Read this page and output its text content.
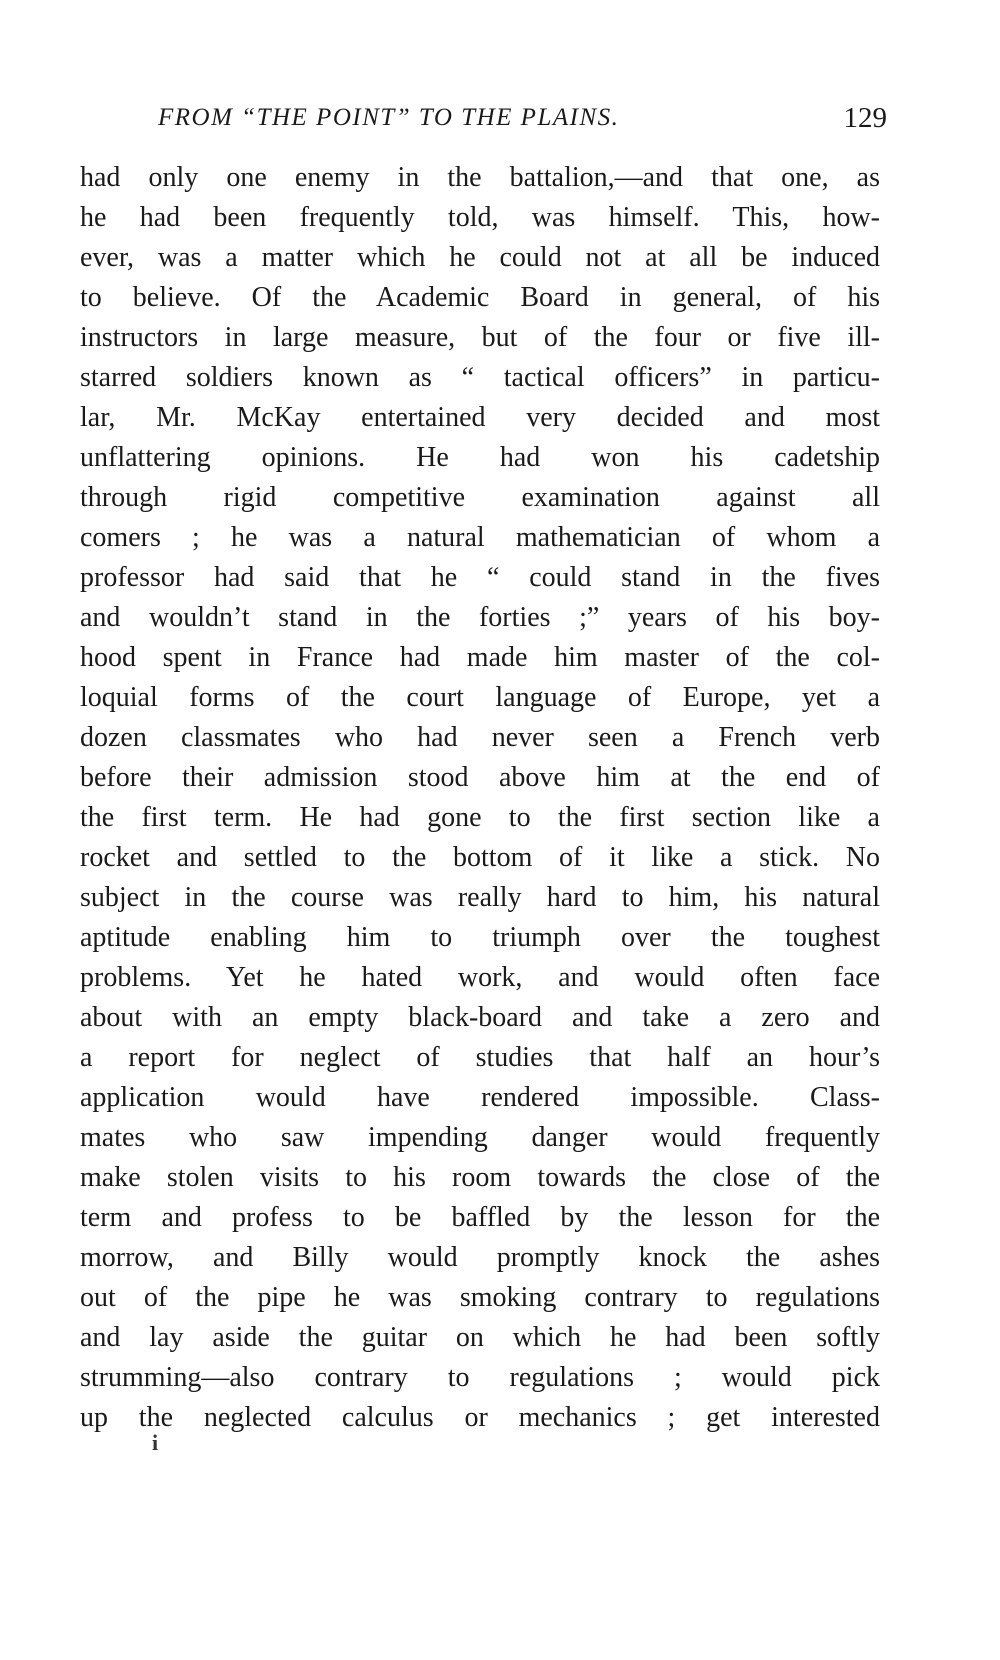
FROM “THE POINT” TO THE PLAINS.	129
had only one enemy in the battalion,—and that one, as
he had been frequently told, was himself. This, how-
ever, was a matter which he could not at all be induced
to believe. Of the Academic Board in general, of his
instructors in large measure, but of the four or five ill-
starred soldiers known as “ tactical officers” in particu-
lar, Mr. McKay entertained very decided and most
unflattering opinions. He had won his cadetship
through rigid competitive examination against all
comers ; he was a natural mathematician of whom a
professor had said that he “ could stand in the fives
and wouldn’t stand in the forties ;” years of his boy-
hood spent in France had made him master of the col-
loquial forms of the court language of Europe, yet a
dozen classmates who had never seen a French verb
before their admission stood above him at the end of
the first term. He had gone to the first section like a
rocket and settled to the bottom of it like a stick. No
subject in the course was really hard to him, his natural
aptitude enabling him to triumph over the toughest
problems. Yet he hated work, and would often face
about with an empty black-board and take a zero and
a report for neglect of studies that half an hour’s
application would have rendered impossible. Class-
mates who saw impending danger would frequently
make stolen visits to his room towards the close of the
term and profess to be baffled by the lesson for the
morrow, and Billy would promptly knock the ashes
out of the pipe he was smoking contrary to regulations
and lay aside the guitar on which he had been softly
strumming—also contrary to regulations ; would pick
up the neglected calculus or mechanics ; get interested
i
